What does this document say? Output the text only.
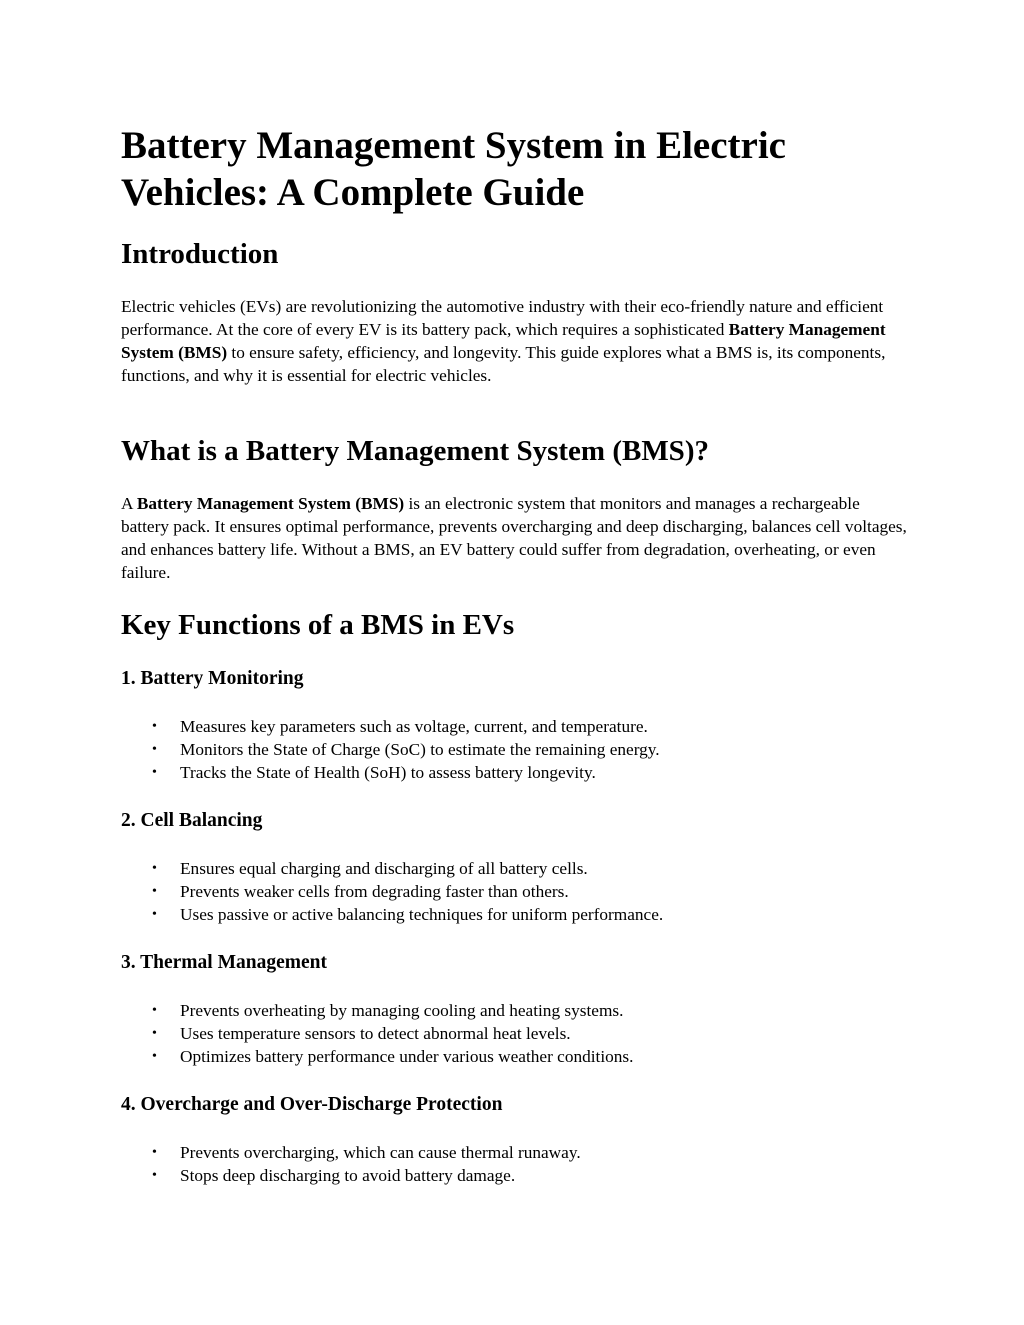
Battery Management System in Electric Vehicles: A Complete Guide
Introduction

Electric vehicles (EVs) are revolutionizing the automotive industry with their eco-friendly nature and efficient performance. At the core of every EV is its battery pack, which requires a sophisticated Battery Management System (BMS) to ensure safety, efficiency, and longevity. This guide explores what a BMS is, its components, functions, and why it is essential for electric vehicles.

What is a Battery Management System (BMS)?

A Battery Management System (BMS) is an electronic system that monitors and manages a rechargeable battery pack. It ensures optimal performance, prevents overcharging and deep discharging, balances cell voltages, and enhances battery life. Without a BMS, an EV battery could suffer from degradation, overheating, or even failure.

Key Functions of a BMS in EVs
1. Battery Monitoring
• Measures key parameters such as voltage, current, and temperature.
• Monitors the State of Charge (SoC) to estimate the remaining energy.
• Tracks the State of Health (SoH) to assess battery longevity.
2. Cell Balancing
• Ensures equal charging and discharging of all battery cells.
• Prevents weaker cells from degrading faster than others.
• Uses passive or active balancing techniques for uniform performance.
3. Thermal Management
• Prevents overheating by managing cooling and heating systems.
• Uses temperature sensors to detect abnormal heat levels.
• Optimizes battery performance under various weather conditions.
4. Overcharge and Over-Discharge Protection
• Prevents overcharging, which can cause thermal runaway.
• Stops deep discharging to avoid battery damage.
